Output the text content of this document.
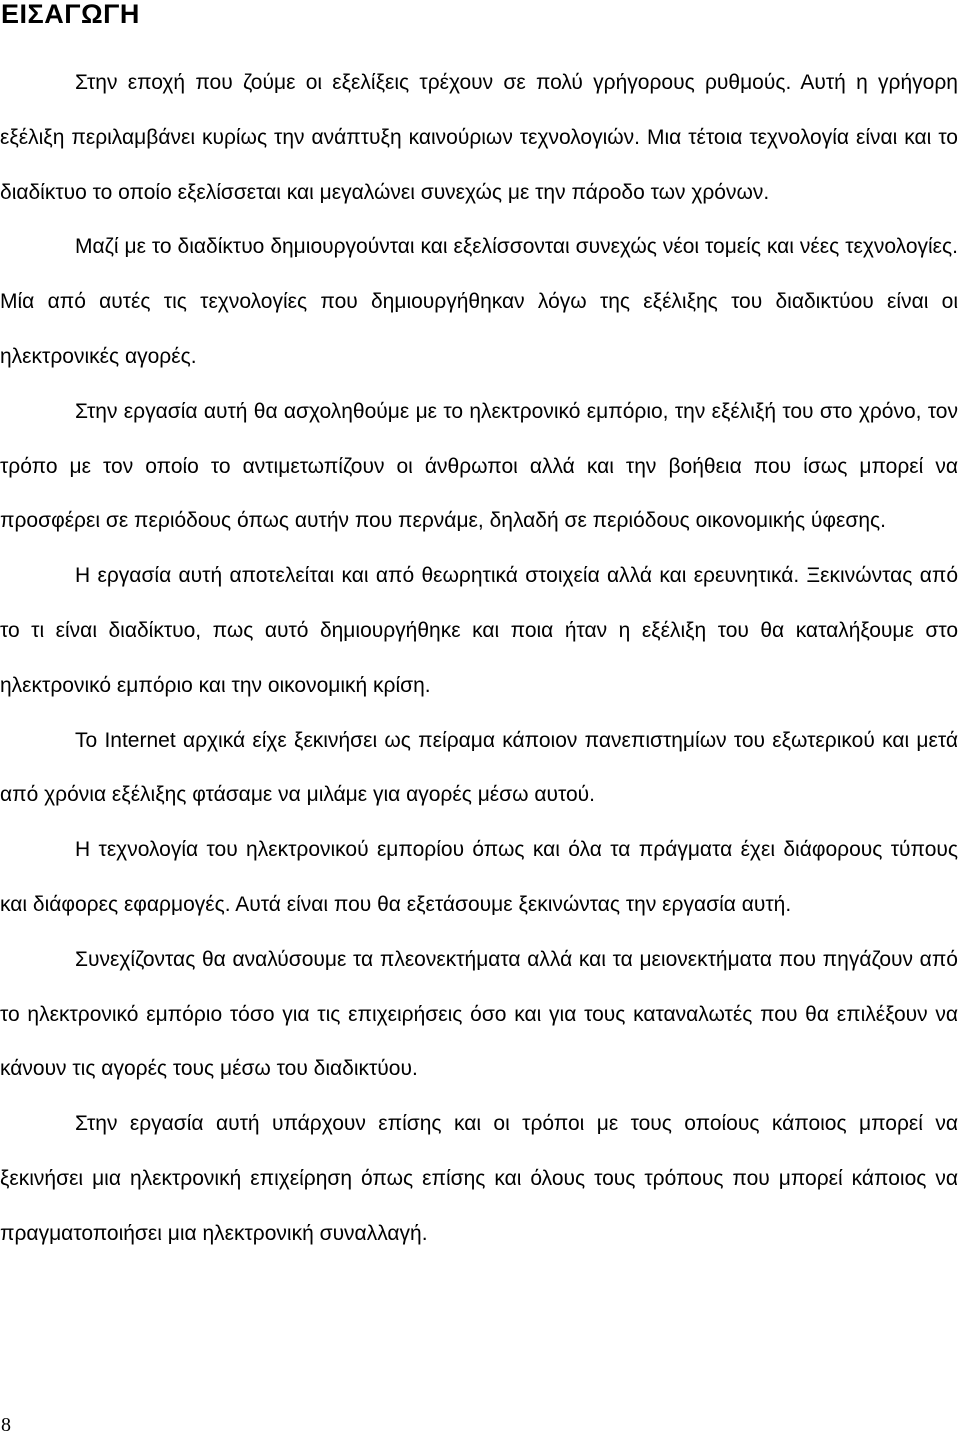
ΕΙΣΑΓΩΓΗ

Στην εποχή που ζούμε οι εξελίξεις τρέχουν σε πολύ γρήγορους ρυθμούς. Αυτή η γρήγορη εξέλιξη περιλαμβάνει κυρίως την ανάπτυξη καινούριων τεχνολογιών. Μια τέτοια τεχνολογία είναι και το διαδίκτυο το οποίο εξελίσσεται και μεγαλώνει συνεχώς με την πάροδο των χρόνων.

Μαζί με το διαδίκτυο δημιουργούνται και εξελίσσονται συνεχώς νέοι τομείς και νέες τεχνολογίες. Μία από αυτές τις τεχνολογίες που δημιουργήθηκαν λόγω της εξέλιξης του διαδικτύου είναι οι ηλεκτρονικές αγορές.

Στην εργασία αυτή θα ασχοληθούμε με το ηλεκτρονικό εμπόριο, την εξέλιξή του στο χρόνο, τον τρόπο με τον οποίο το αντιμετωπίζουν οι άνθρωποι αλλά και την βοήθεια που ίσως μπορεί να προσφέρει σε περιόδους όπως αυτήν που περνάμε, δηλαδή σε περιόδους οικονομικής ύφεσης.

Η εργασία αυτή αποτελείται και από θεωρητικά στοιχεία αλλά και ερευνητικά. Ξεκινώντας από το τι είναι διαδίκτυο, πως αυτό δημιουργήθηκε και ποια ήταν η εξέλιξη του θα καταλήξουμε στο ηλεκτρονικό εμπόριο και την οικονομική κρίση.

Το Internet αρχικά είχε ξεκινήσει ως πείραμα κάποιον πανεπιστημίων του εξωτερικού και μετά από χρόνια εξέλιξης φτάσαμε να μιλάμε για αγορές μέσω αυτού.

Η τεχνολογία του ηλεκτρονικού εμπορίου όπως και όλα τα πράγματα έχει διάφορους τύπους και διάφορες εφαρμογές. Αυτά είναι που θα εξετάσουμε ξεκινώντας την εργασία αυτή.

Συνεχίζοντας θα αναλύσουμε τα πλεονεκτήματα αλλά και τα μειονεκτήματα που πηγάζουν από το ηλεκτρονικό εμπόριο τόσο για τις επιχειρήσεις όσο και για τους καταναλωτές που θα επιλέξουν να κάνουν τις αγορές τους μέσω του διαδικτύου.

Στην εργασία αυτή υπάρχουν επίσης και οι τρόποι με τους οποίους κάποιος μπορεί να ξεκινήσει μια ηλεκτρονική επιχείρηση όπως επίσης και όλους τους τρόπους που μπορεί κάποιος να πραγματοποιήσει μια ηλεκτρονική συναλλαγή.

8
